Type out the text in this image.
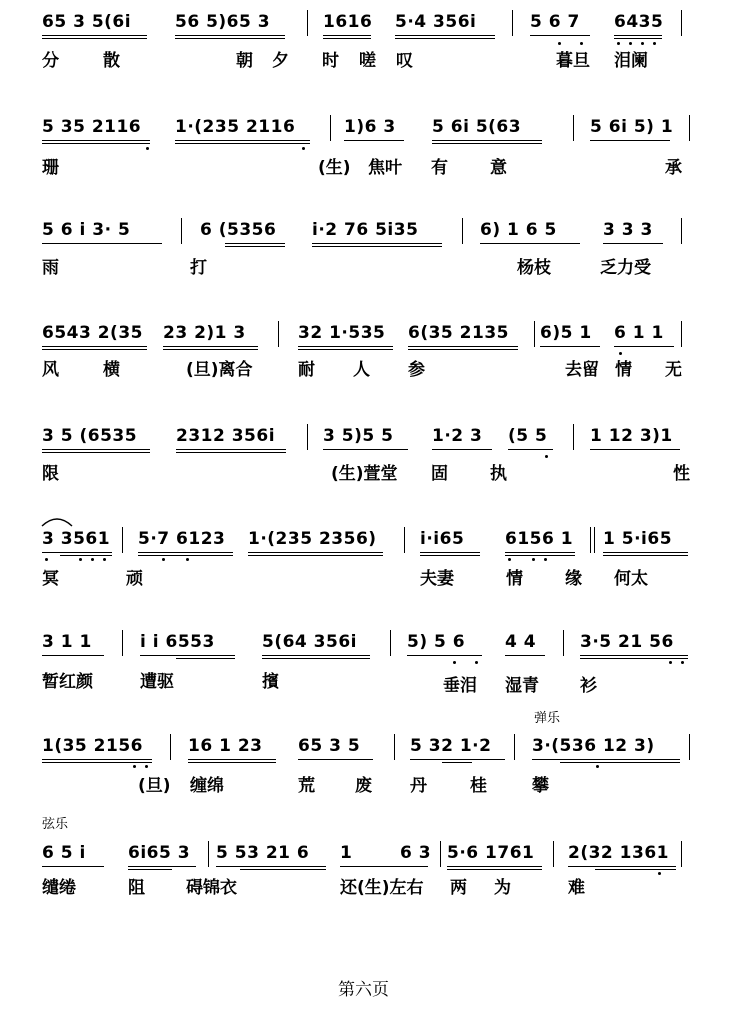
65 3 5(6i	56 5)65 3	1616 5·4 356i	5 6 7 6435
分	散	朝 夕 时 嗟 叹	暮旦 泪阑
5 35 2116 1·(235 2116	1)6 3 5 6i 5(63	5 6i 5) 1
珊	(生) 焦叶 有 意	承
5 6 i 3· 5	6 (5356 i·2 76 5i35	6) 1 6 5	3 3 3
雨	打	杨枝	乏力受
6543 2(35 23 2)1 3	32 1·535 6(35 2135 6)5 1 6 1 1
风	横	(旦)离合	耐 人 参	去留 情 无
3 5 (6535 2312 356i	3 5)5 5 1·2 3 (5 5	1 12 3)1
限	(生)萱堂 固 执	性
3 3561 5·7 6123 1·(235 2356)	i·i65 6156 1 1 5·i65
冥	顽	夫妻	情 缘 何太
3 1 1	i i 6553	5(64 356i	5) 5 6 4 4	3·5 21 56
暂红颜	遭驱	擯	垂泪 湿青 衫
弹乐
1(35 2156	16 1 23 65 3 5	5 32 1·2 3·(536 12 3)
(旦) 缠绵	荒 废 丹	桂	攀
弦乐
6 5 i 6i65 3 5 53 21 6 1	6 3 5·6 1761 2(32 1361
缱绻	阻 碍锦衣	还(生)左右 两 为	难
第六页
